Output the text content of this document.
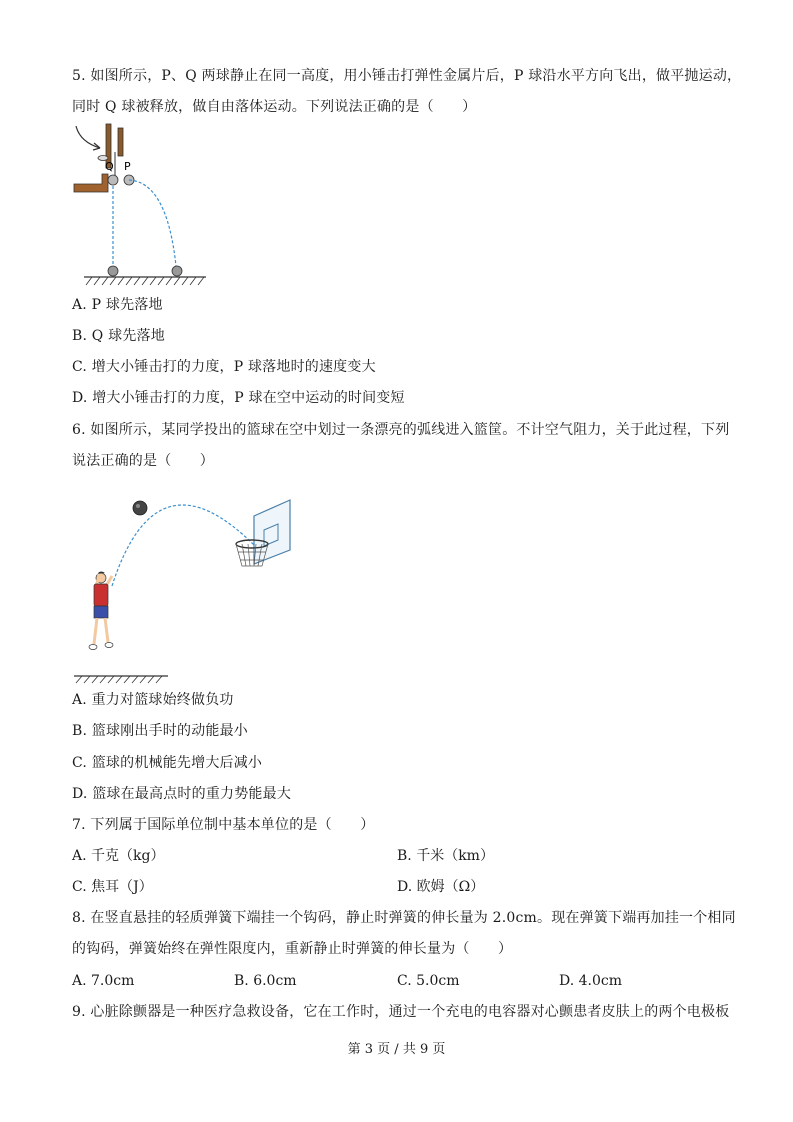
5. 如图所示，P、Q 两球静止在同一高度，用小锤击打弹性金属片后，P 球沿水平方向飞出，做平抛运动，
同时 Q 球被释放，做自由落体运动。下列说法正确的是（　　）
Q P
A. P 球先落地
B. Q 球先落地
C. 增大小锤击打的力度，P 球落地时的速度变大
D. 增大小锤击打的力度，P 球在空中运动的时间变短
6. 如图所示，某同学投出的篮球在空中划过一条漂亮的弧线进入篮筐。不计空气阻力，关于此过程，下列
说法正确的是（　　）
A. 重力对篮球始终做负功
B. 篮球刚出手时的动能最小
C. 篮球的机械能先增大后减小
D. 篮球在最高点时的重力势能最大
7. 下列属于国际单位制中基本单位的是（　　）
A. 千克（kg）	B. 千米（km）
C. 焦耳（J）	D. 欧姆（Ω）
8. 在竖直悬挂的轻质弹簧下端挂一个钩码，静止时弹簧的伸长量为 2.0cm。现在弹簧下端再加挂一个相同
的钩码，弹簧始终在弹性限度内，重新静止时弹簧的伸长量为（　　）
A. 7.0cm	B. 6.0cm	C. 5.0cm	D. 4.0cm
9. 心脏除颤器是一种医疗急救设备，它在工作时，通过一个充电的电容器对心颤患者皮肤上的两个电极板
第 3 页 / 共 9 页
